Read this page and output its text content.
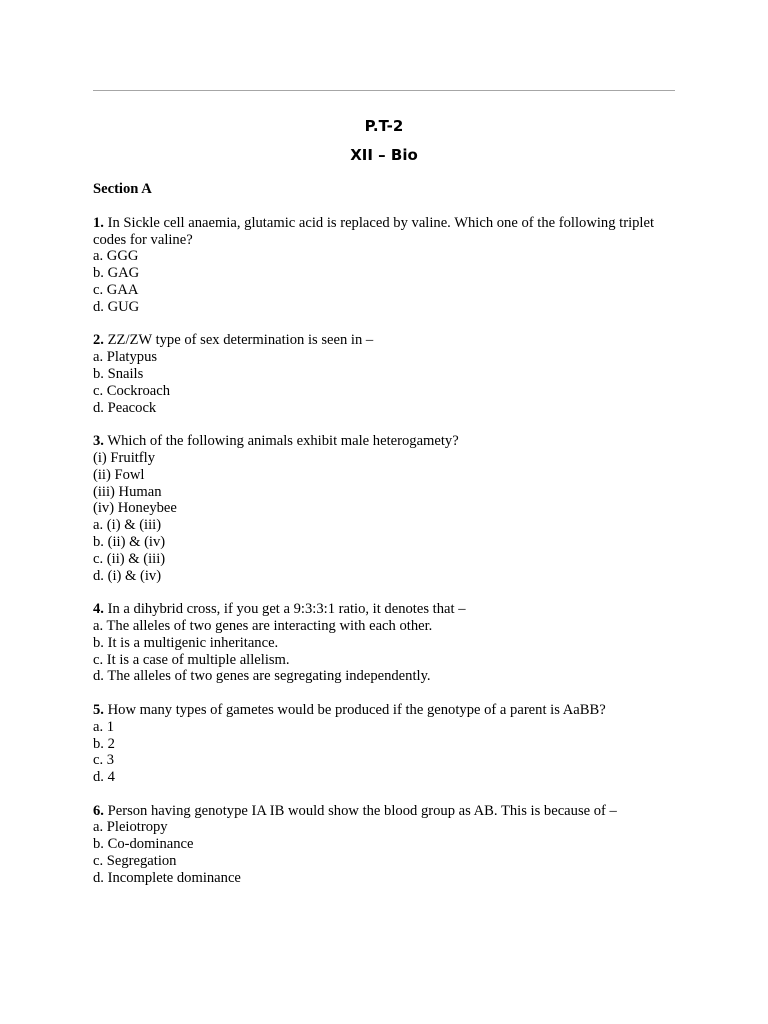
P.T-2
XII – Bio
Section A
1. In Sickle cell anaemia, glutamic acid is replaced by valine. Which one of the following triplet codes for valine?
a. GGG
b. GAG
c. GAA
d. GUG
2. ZZ/ZW type of sex determination is seen in –
a. Platypus
b. Snails
c. Cockroach
d. Peacock
3. Which of the following animals exhibit male heterogamety?
(i) Fruitfly
(ii) Fowl
(iii) Human
(iv) Honeybee
a. (i) & (iii)
b. (ii) & (iv)
c. (ii) & (iii)
d. (i) & (iv)
4. In a dihybrid cross, if you get a 9:3:3:1 ratio, it denotes that –
a. The alleles of two genes are interacting with each other.
b. It is a multigenic inheritance.
c. It is a case of multiple allelism.
d. The alleles of two genes are segregating independently.
5. How many types of gametes would be produced if the genotype of a parent is AaBB?
a. 1
b. 2
c. 3
d. 4
6. Person having genotype IA IB would show the blood group as AB. This is because of –
a. Pleiotropy
b. Co-dominance
c. Segregation
d. Incomplete dominance
